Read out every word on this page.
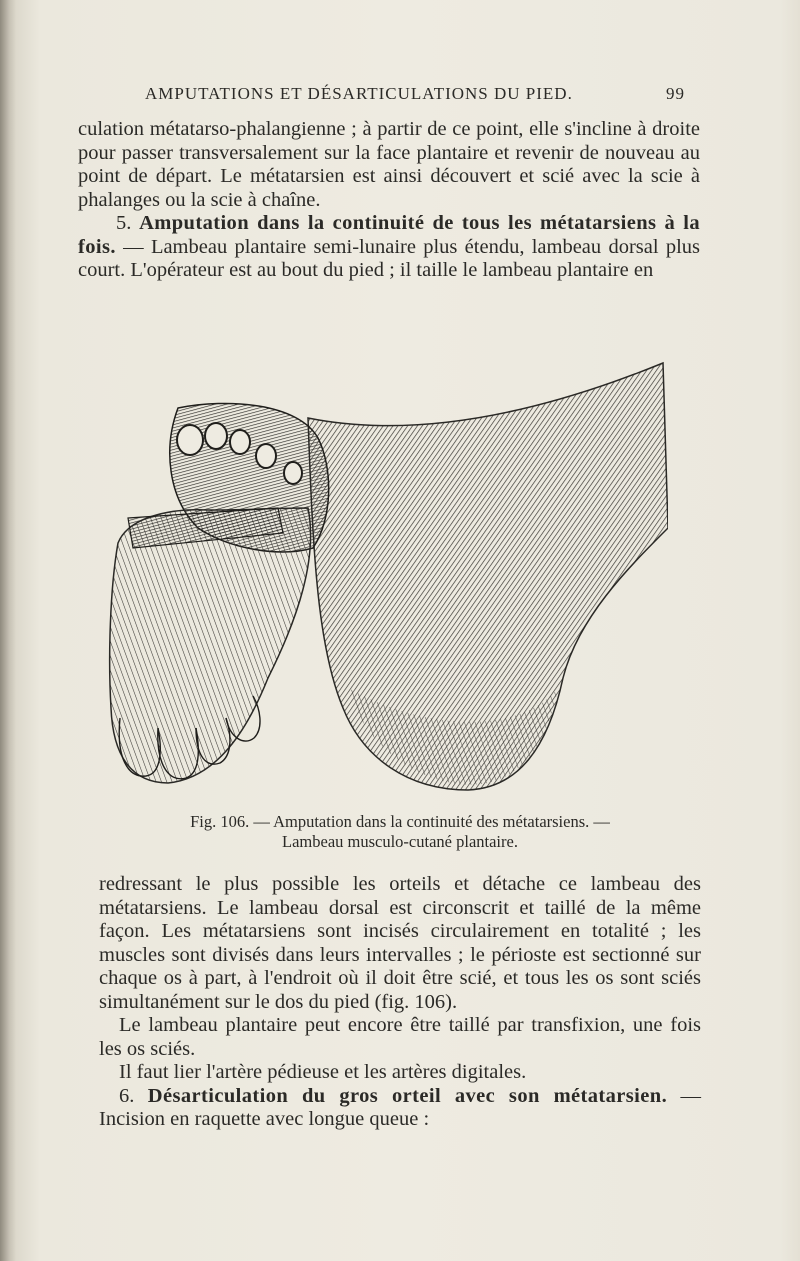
AMPUTATIONS ET DÉSARTICULATIONS DU PIED.	99

culation métatarso-phalangienne ; à partir de ce point, elle s'incline à droite pour passer transversalement sur la face plantaire et revenir de nouveau au point de départ. Le métatarsien est ainsi découvert et scié avec la scie à phalanges ou la scie à chaîne.

5. Amputation dans la continuité de tous les métatarsiens à la fois. — Lambeau plantaire semi-lunaire plus étendu, lambeau dorsal plus court. L'opérateur est au bout du pied ; il taille le lambeau plantaire en

Fig. 106. — Amputation dans la continuité des métatarsiens. —
Lambeau musculo-cutané plantaire.

redressant le plus possible les orteils et détache ce lambeau des métatarsiens. Le lambeau dorsal est circonscrit et taillé de la même façon. Les métatarsiens sont incisés circulairement en totalité ; les muscles sont divisés dans leurs intervalles ; le périoste est sectionné sur chaque os à part, à l'endroit où il doit être scié, et tous les os sont sciés simultanément sur le dos du pied (fig. 106).

Le lambeau plantaire peut encore être taillé par transfixion, une fois les os sciés.

Il faut lier l'artère pédieuse et les artères digitales.

6. Désarticulation du gros orteil avec son métatarsien. — Incision en raquette avec longue queue :
